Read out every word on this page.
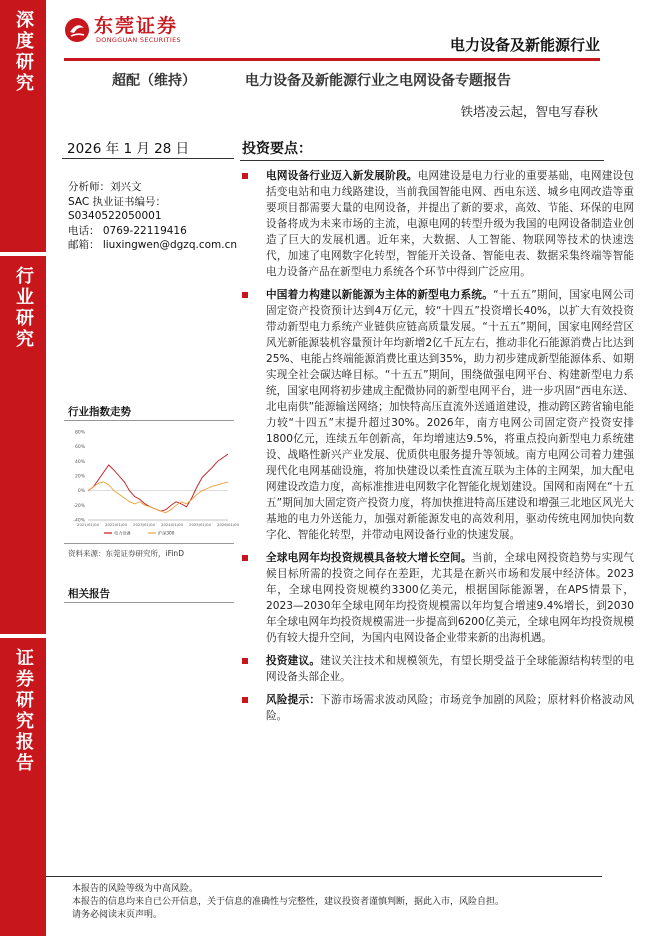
深度研究
行业研究
证券研究报告
东莞证券
DONGGUAN SECURITIES	电力设备及新能源行业
超配（维持）	电力设备及新能源行业之电网设备专题报告
铁塔凌云起，智电写春秋
2026 年 1 月 28 日	投资要点：
分析师：刘兴文
SAC 执业证书编号：
S0340522050001
电话： 0769-22119416
邮箱： liuxingwen@dgzq.com.cn
行业指数走势
80%
60%
40%
20%
0%
-20%
-40%
2021/01/04 2022/01/04 2023/01/04 2024/01/04 2025/01/04 2026/01/04
电力设备	沪深300
资料来源：东莞证券研究所，iFinD
相关报告
电网设备行业迈入新发展阶段。电网建设是电力行业的重要基础，电网建设包括变电站和电力线路建设，当前我国智能电网、西电东送、城乡电网改造等重要项目都需要大量的电网设备，并提出了新的要求，高效、节能、环保的电网设备将成为未来市场的主流，电源电网的转型升级为我国的电网设备制造业创造了巨大的发展机遇。近年来，大数据、人工智能、物联网等技术的快速迭代，加速了电网数字化转型，智能开关设备、智能电表、数据采集终端等智能电力设备产品在新型电力系统各个环节中得到广泛应用。
中国着力构建以新能源为主体的新型电力系统。“十五五”期间，国家电网公司固定资产投资预计达到4万亿元，较“十四五”投资增长40%，以扩大有效投资带动新型电力系统产业链供应链高质量发展。“十五五”期间，国家电网经营区风光新能源装机容量预计年均新增2亿千瓦左右，推动非化石能源消费占比达到25%、电能占终端能源消费比重达到35%，助力初步建成新型能源体系、如期实现全社会碳达峰目标。“十五五”期间，围绕做强电网平台、构建新型电力系统，国家电网将初步建成主配微协同的新型电网平台，进一步巩固“西电东送、北电南供”能源输送网络；加快特高压直流外送通道建设，推动跨区跨省输电能力较“十四五”末提升超过30%。2026年，南方电网公司固定资产投资安排1800亿元，连续五年创新高，年均增速达9.5%，将重点投向新型电力系统建设、战略性新兴产业发展、优质供电服务提升等领域。南方电网公司着力建强现代化电网基础设施，将加快建设以柔性直流互联为主体的主网架，加大配电网建设改造力度，高标准推进电网数字化智能化规划建设。国网和南网在“十五五”期间加大固定资产投资力度，将加快推进特高压建设和增强三北地区风光大基地的电力外送能力，加强对新能源发电的高效利用，驱动传统电网加快向数字化、智能化转型，并带动电网设备行业的快速发展。
全球电网年均投资规模具备较大增长空间。当前，全球电网投资趋势与实现气候目标所需的投资之间存在差距，尤其是在新兴市场和发展中经济体。2023年，全球电网投资规模约3300亿美元，根据国际能源署，在APS情景下，2023—2030年全球电网年均投资规模需以年均复合增速9.4%增长，到2030年全球电网年均投资规模需进一步提高到6200亿美元，全球电网年均投资规模仍有较大提升空间，为国内电网设备企业带来新的出海机遇。
投资建议。建议关注技术和规模领先，有望长期受益于全球能源结构转型的电网设备头部企业。
风险提示：下游市场需求波动风险；市场竞争加剧的风险；原材料价格波动风险。
本报告的风险等级为中高风险。
本报告的信息均来自已公开信息，关于信息的准确性与完整性，建议投资者谨慎判断，据此入市，风险自担。
请务必阅读末页声明。
